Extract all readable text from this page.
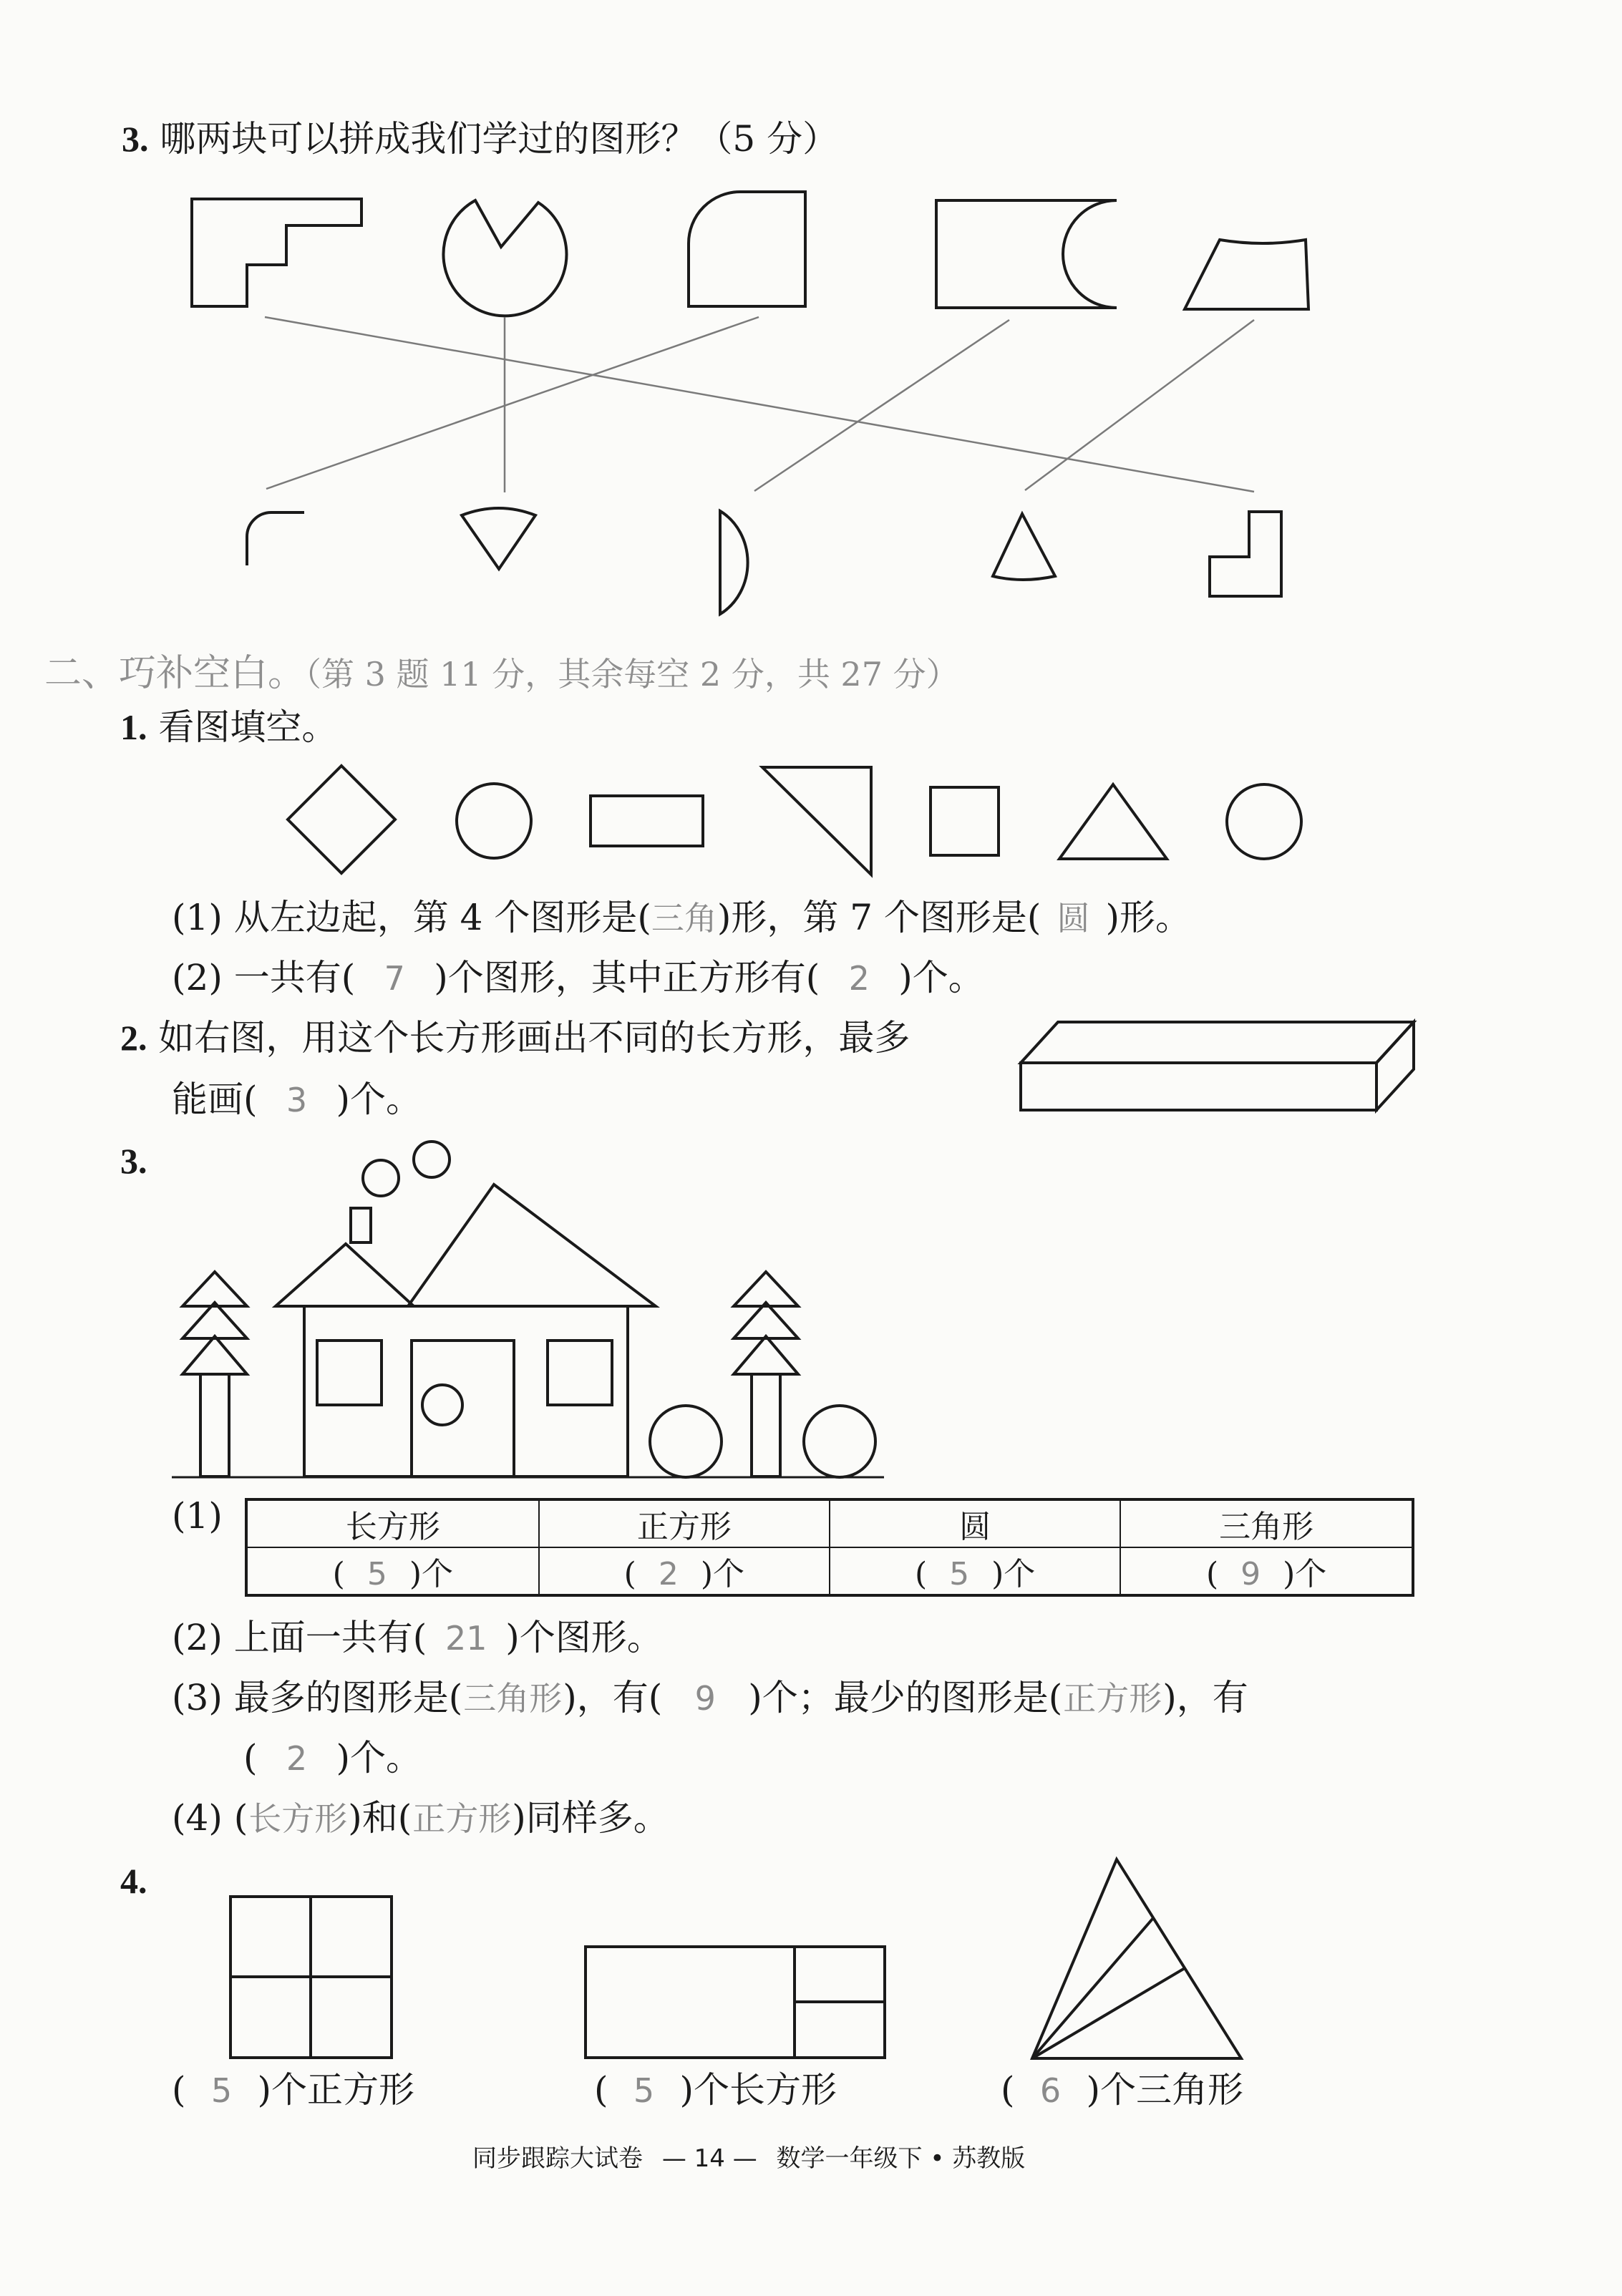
3. 哪两块可以拼成我们学过的图形？（5 分）
二、巧补空白。（第 3 题 11 分，其余每空 2 分，共 27 分）
1. 看图填空。
(1) 从左边起，第 4 个图形是(三角)形，第 7 个图形是( 圆 )形。
(2) 一共有( 7 )个图形，其中正方形有( 2 )个。
2. 如右图，用这个长方形画出不同的长方形，最多
能画( 3 )个。
3.
(1)	长方形	正方形	圆	三角形
( 5 )个	( 2 )个	( 5 )个	( 9 )个
(2) 上面一共有( 21 )个图形。
(3) 最多的图形是(三角形)，有( 9 )个；最少的图形是(正方形)，有
( 2 )个。
(4) (长方形)和(正方形)同样多。
4.
( 5 )个正方形	( 5 )个长方形	( 6 )个三角形
同步跟踪大试卷 — 14 — 数学一年级下 • 苏教版
